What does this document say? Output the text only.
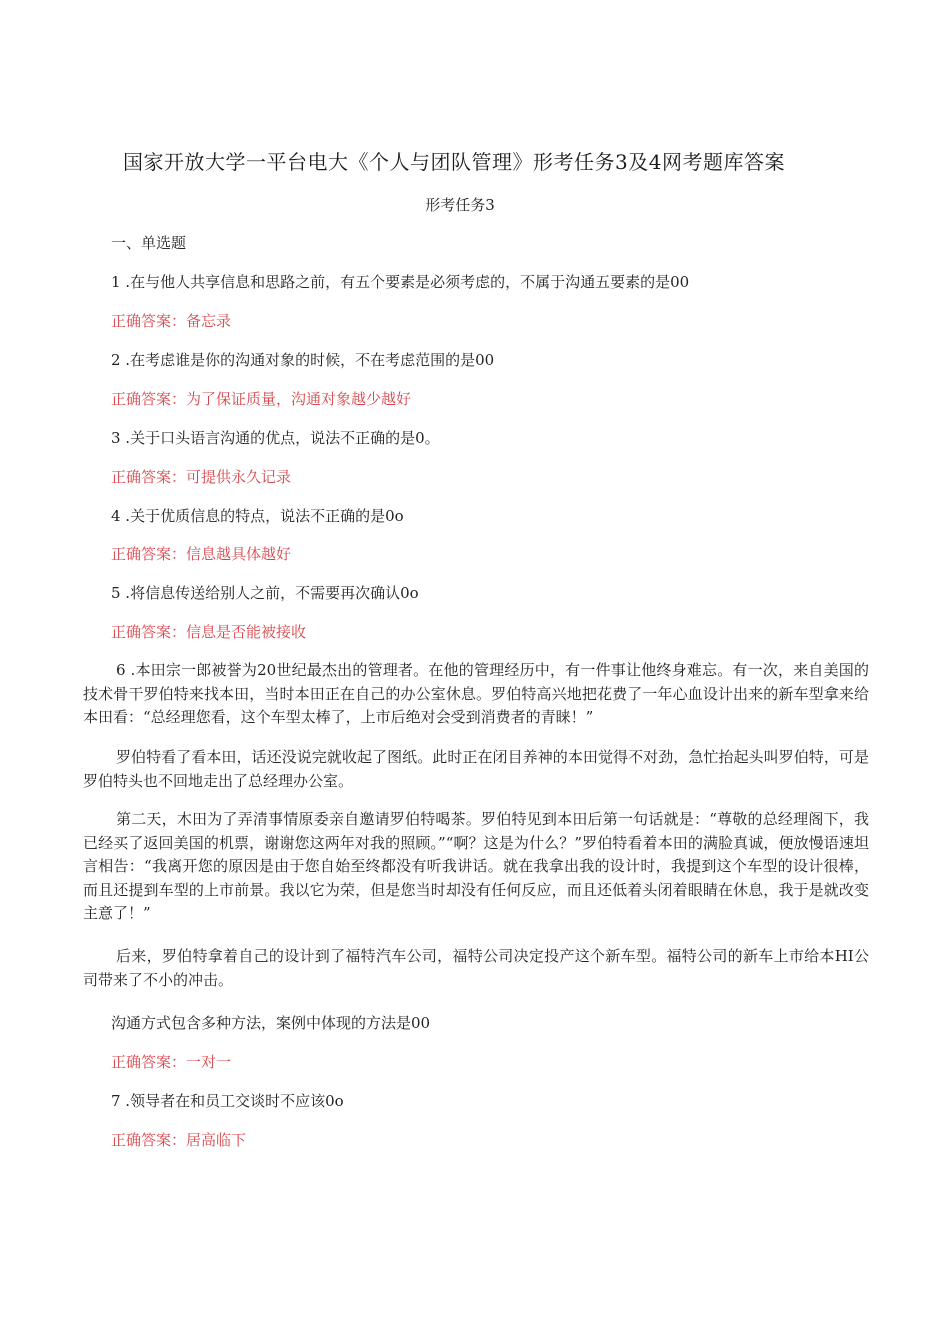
国家开放大学一平台电大《个人与团队管理》形考任务3及4网考题库答案
形考任务3
一、单选题
1 .在与他人共享信息和思路之前，有五个要素是必须考虑的，不属于沟通五要素的是00
正确答案：备忘录
2 .在考虑谁是你的沟通对象的时候，不在考虑范围的是00
正确答案：为了保证质量，沟通对象越少越好
3 .关于口头语言沟通的优点，说法不正确的是0。
正确答案：可提供永久记录
4 .关于优质信息的特点，说法不正确的是0o
正确答案：信息越具体越好
5 .将信息传送给别人之前，不需要再次确认0o
正确答案：信息是否能被接收
6 .本田宗一郎被誉为20世纪最杰出的管理者。在他的管理经历中，有一件事让他终身难忘。有一次，来自美国的技术骨干罗伯特来找本田，当时本田正在自己的办公室休息。罗伯特高兴地把花费了一年心血设计出来的新车型拿来给本田看：“总经理您看，这个车型太棒了，上市后绝对会受到消费者的青睐！”
罗伯特看了看本田，话还没说完就收起了图纸。此时正在闭目养神的本田觉得不对劲，急忙抬起头叫罗伯特，可是罗伯特头也不回地走出了总经理办公室。
第二天，木田为了弄清事情原委亲自邀请罗伯特喝茶。罗伯特见到本田后第一句话就是：“尊敬的总经理阁下，我已经买了返回美国的机票，谢谢您这两年对我的照顾。”“啊？这是为什么？”罗伯特看着本田的满脸真诚，便放慢语速坦言相告：“我离开您的原因是由于您自始至终都没有听我讲话。就在我拿出我的设计时，我提到这个车型的设计很棒，而且还提到车型的上市前景。我以它为荣，但是您当时却没有任何反应，而且还低着头闭着眼睛在休息，我于是就改变主意了！”
后来，罗伯特拿着自己的设计到了福特汽车公司，福特公司决定投产这个新车型。福特公司的新车上市给本HI公司带来了不小的冲击。
沟通方式包含多种方法，案例中体现的方法是00
正确答案：一对一
7 .领导者在和员工交谈时不应该0o
正确答案：居高临下
